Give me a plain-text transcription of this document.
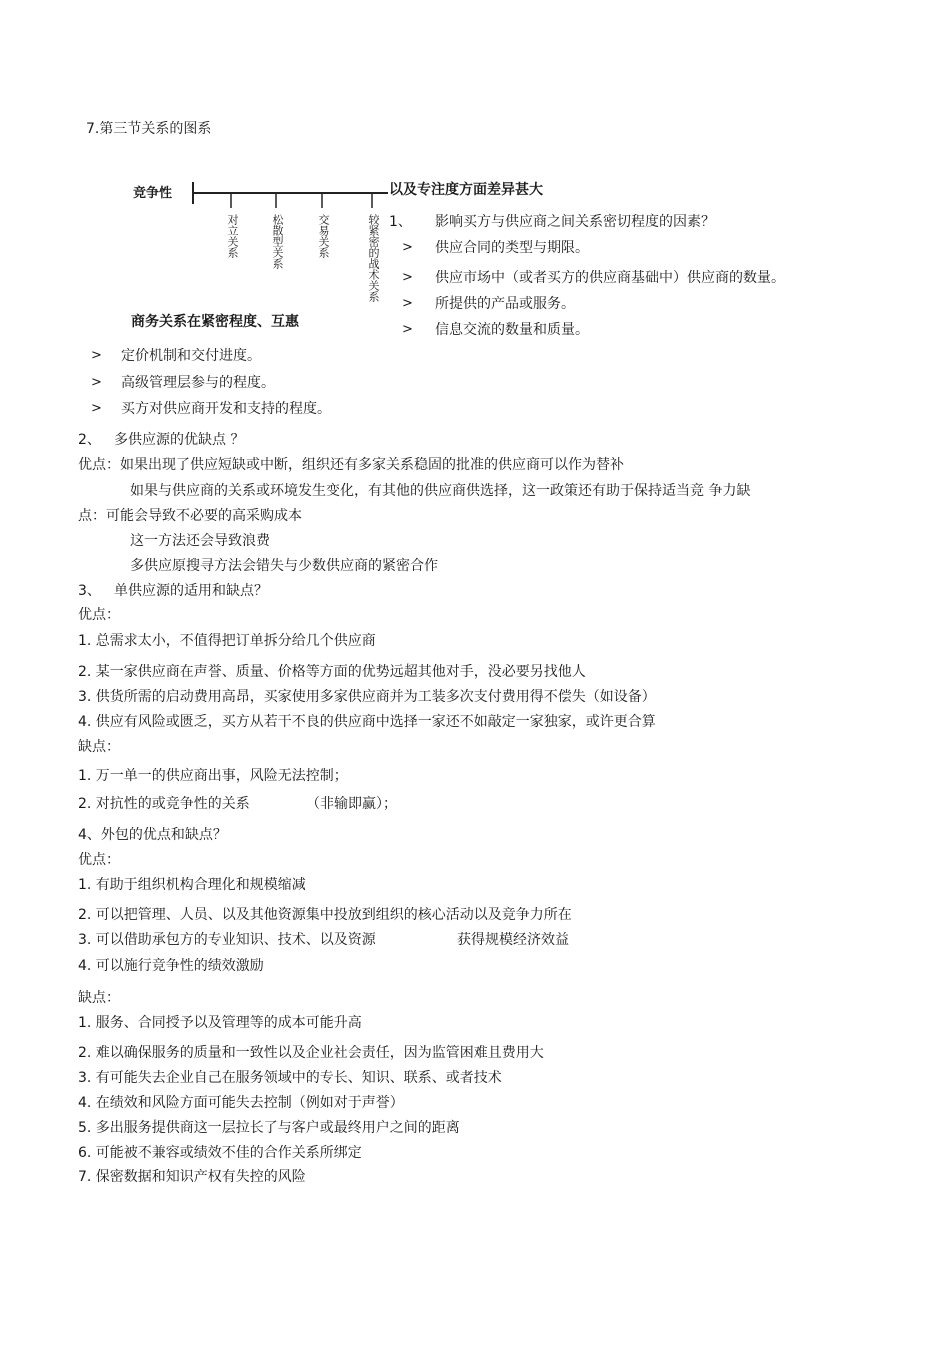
7.第三节关系的图系
竞争性
对立关系	松散型关系	交易关系	较紧密的战术关系
以及专注度方面差异甚大
商务关系在紧密程度、互惠
1、 影响买方与供应商之间关系密切程度的因素？
> 供应合同的类型与期限。
> 供应市场中（或者买方的供应商基础中）供应商的数量。
> 所提供的产品或服务。
> 信息交流的数量和质量。
> 定价机制和交付进度。
> 高级管理层参与的程度。
> 买方对供应商开发和支持的程度。
2、 多供应源的优缺点 ？
优点：如果出现了供应短缺或中断，组织还有多家关系稳固的批准的供应商可以作为替补
如果与供应商的关系或环境发生变化，有其他的供应商供选择，这一政策还有助于保持适当竞 争力缺
点：可能会导致不必要的高采购成本
这一方法还会导致浪费
多供应原搜寻方法会错失与少数供应商的紧密合作
3、 单供应源的适用和缺点？
优点：
1. 总需求太小，不值得把订单拆分给几个供应商
2. 某一家供应商在声誉、质量、价格等方面的优势远超其他对手，没必要另找他人
3. 供货所需的启动费用高昂，买家使用多家供应商并为工装多次支付费用得不偿失（如设备）
4. 供应有风险或匮乏，买方从若干不良的供应商中选择一家还不如敲定一家独家，或许更合算
缺点：
1. 万一单一的供应商出事，风险无法控制；
2. 对抗性的或竞争性的关系	（非输即赢）；
4、外包的优点和缺点？
优点：
1. 有助于组织机构合理化和规模缩减
2. 可以把管理、人员、以及其他资源集中投放到组织的核心活动以及竞争力所在
3. 可以借助承包方的专业知识、技术、以及资源	获得规模经济效益
4. 可以施行竞争性的绩效激励
缺点：
1. 服务、合同授予以及管理等的成本可能升高
2. 难以确保服务的质量和一致性以及企业社会责任，因为监管困难且费用大
3. 有可能失去企业自己在服务领域中的专长、知识、联系、或者技术
4. 在绩效和风险方面可能失去控制（例如对于声誉）
5. 多出服务提供商这一层拉长了与客户或最终用户之间的距离
6. 可能被不兼容或绩效不佳的合作关系所绑定
7. 保密数据和知识产权有失控的风险
